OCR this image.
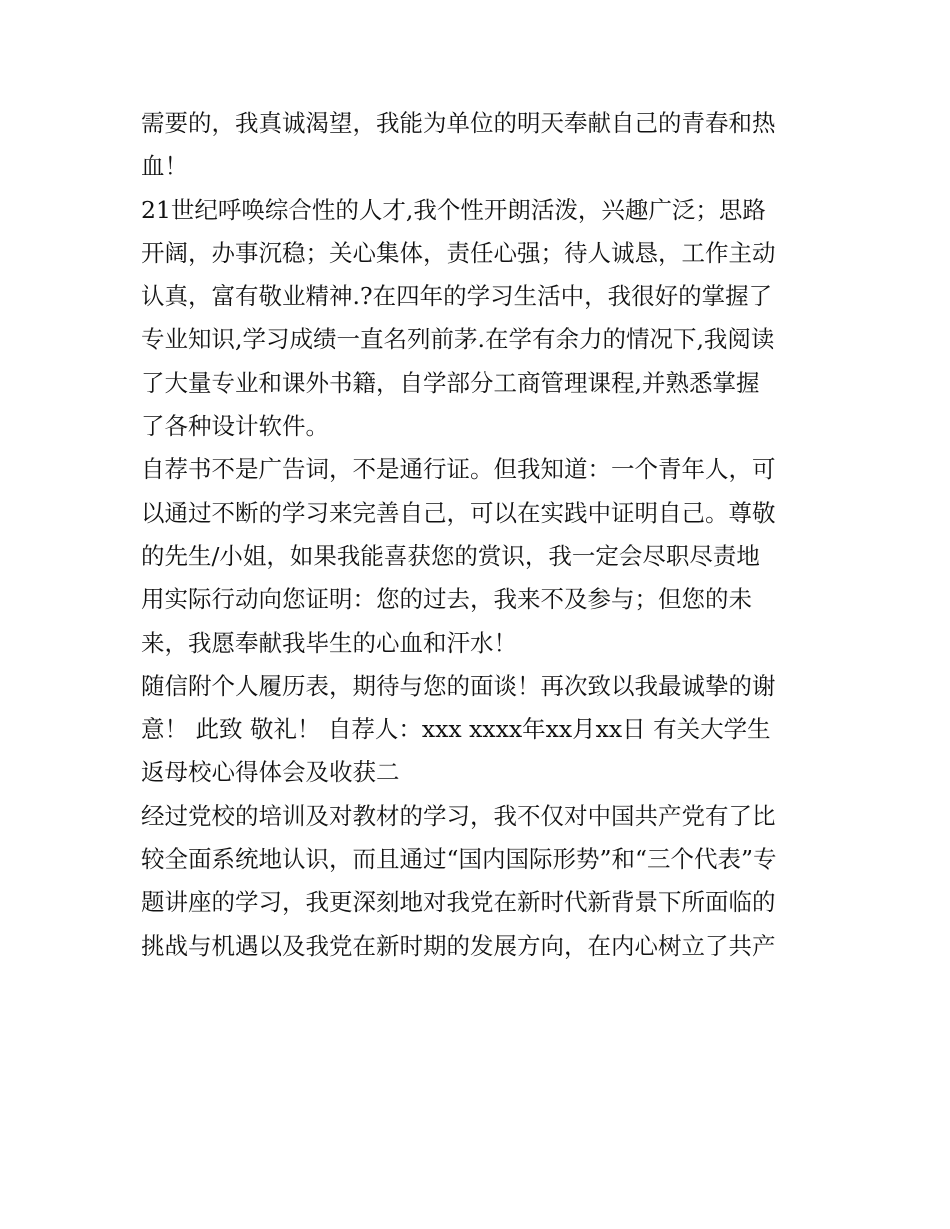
需要的，我真诚渴望，我能为单位的明天奉献自己的青春和热
血！
21世纪呼唤综合性的人才,我个性开朗活泼，兴趣广泛；思路
开阔，办事沉稳；关心集体，责任心强；待人诚恳，工作主动
认真，富有敬业精神.?在四年的学习生活中，我很好的掌握了
专业知识,学习成绩一直名列前茅.在学有余力的情况下,我阅读
了大量专业和课外书籍，自学部分工商管理课程,并熟悉掌握
了各种设计软件。
自荐书不是广告词，不是通行证。但我知道：一个青年人，可
以通过不断的学习来完善自己，可以在实践中证明自己。尊敬
的先生/小姐，如果我能喜获您的赏识，我一定会尽职尽责地
用实际行动向您证明：您的过去，我来不及参与；但您的未
来，我愿奉献我毕生的心血和汗水！
随信附个人履历表，期待与您的面谈！再次致以我最诚挚的谢
意！ 此致 敬礼！ 自荐人：xxx xxxx年xx月xx日 有关大学生
返母校心得体会及收获二
经过党校的培训及对教材的学习，我不仅对中国共产党有了比
较全面系统地认识，而且通过“国内国际形势”和“三个代表”专
题讲座的学习，我更深刻地对我党在新时代新背景下所面临的
挑战与机遇以及我党在新时期的发展方向，在内心树立了共产
